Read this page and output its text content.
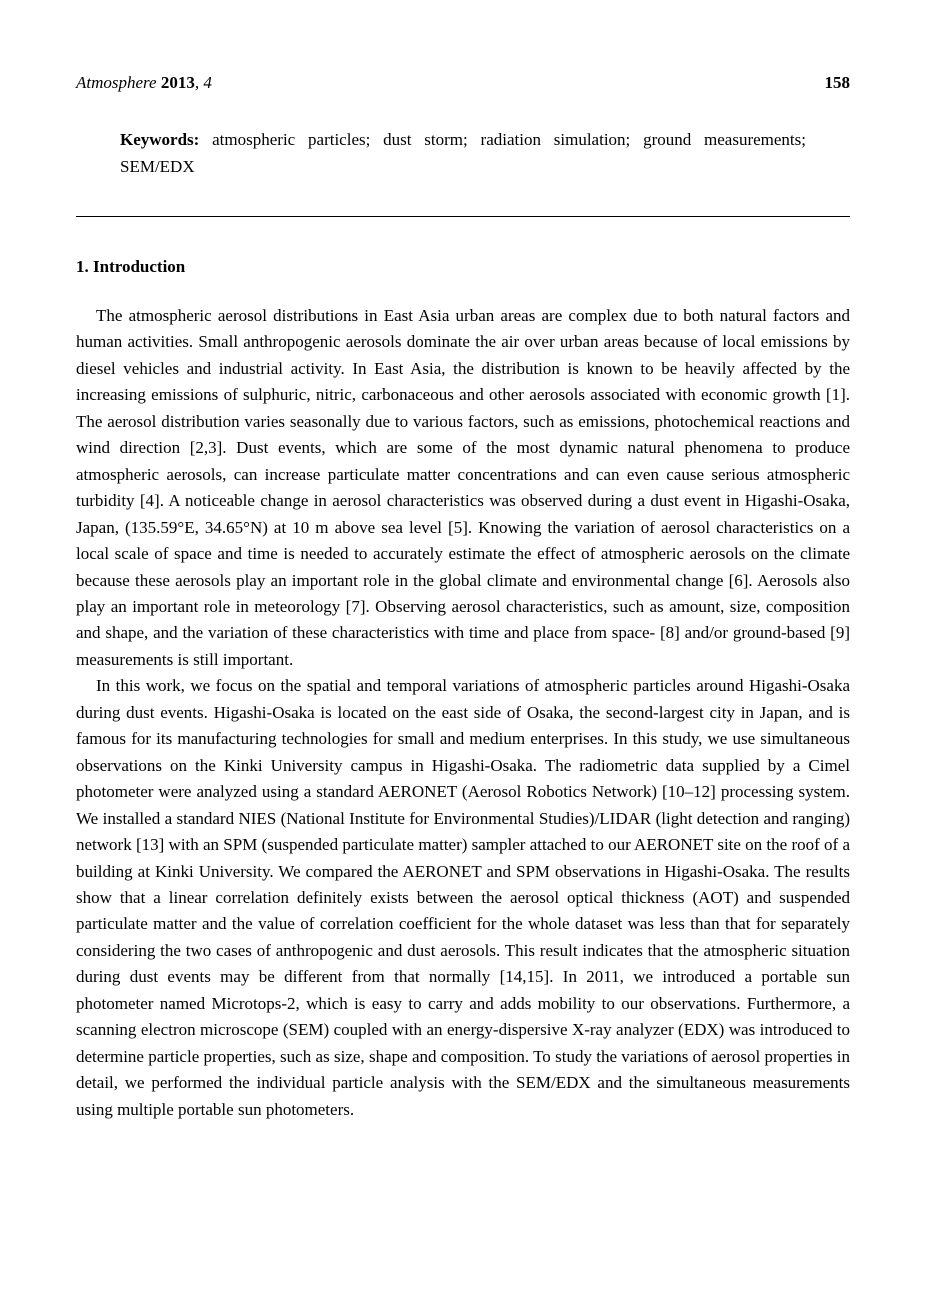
Atmosphere 2013, 4	158
Keywords: atmospheric particles; dust storm; radiation simulation; ground measurements; SEM/EDX
1. Introduction

The atmospheric aerosol distributions in East Asia urban areas are complex due to both natural factors and human activities. Small anthropogenic aerosols dominate the air over urban areas because of local emissions by diesel vehicles and industrial activity. In East Asia, the distribution is known to be heavily affected by the increasing emissions of sulphuric, nitric, carbonaceous and other aerosols associated with economic growth [1]. The aerosol distribution varies seasonally due to various factors, such as emissions, photochemical reactions and wind direction [2,3]. Dust events, which are some of the most dynamic natural phenomena to produce atmospheric aerosols, can increase particulate matter concentrations and can even cause serious atmospheric turbidity [4]. A noticeable change in aerosol characteristics was observed during a dust event in Higashi-Osaka, Japan, (135.59°E, 34.65°N) at 10 m above sea level [5]. Knowing the variation of aerosol characteristics on a local scale of space and time is needed to accurately estimate the effect of atmospheric aerosols on the climate because these aerosols play an important role in the global climate and environmental change [6]. Aerosols also play an important role in meteorology [7]. Observing aerosol characteristics, such as amount, size, composition and shape, and the variation of these characteristics with time and place from space- [8] and/or ground-based [9] measurements is still important.

In this work, we focus on the spatial and temporal variations of atmospheric particles around Higashi-Osaka during dust events. Higashi-Osaka is located on the east side of Osaka, the second-largest city in Japan, and is famous for its manufacturing technologies for small and medium enterprises. In this study, we use simultaneous observations on the Kinki University campus in Higashi-Osaka. The radiometric data supplied by a Cimel photometer were analyzed using a standard AERONET (Aerosol Robotics Network) [10–12] processing system. We installed a standard NIES (National Institute for Environmental Studies)/LIDAR (light detection and ranging) network [13] with an SPM (suspended particulate matter) sampler attached to our AERONET site on the roof of a building at Kinki University. We compared the AERONET and SPM observations in Higashi-Osaka. The results show that a linear correlation definitely exists between the aerosol optical thickness (AOT) and suspended particulate matter and the value of correlation coefficient for the whole dataset was less than that for separately considering the two cases of anthropogenic and dust aerosols. This result indicates that the atmospheric situation during dust events may be different from that normally [14,15]. In 2011, we introduced a portable sun photometer named Microtops-2, which is easy to carry and adds mobility to our observations. Furthermore, a scanning electron microscope (SEM) coupled with an energy-dispersive X-ray analyzer (EDX) was introduced to determine particle properties, such as size, shape and composition. To study the variations of aerosol properties in detail, we performed the individual particle analysis with the SEM/EDX and the simultaneous measurements using multiple portable sun photometers.
